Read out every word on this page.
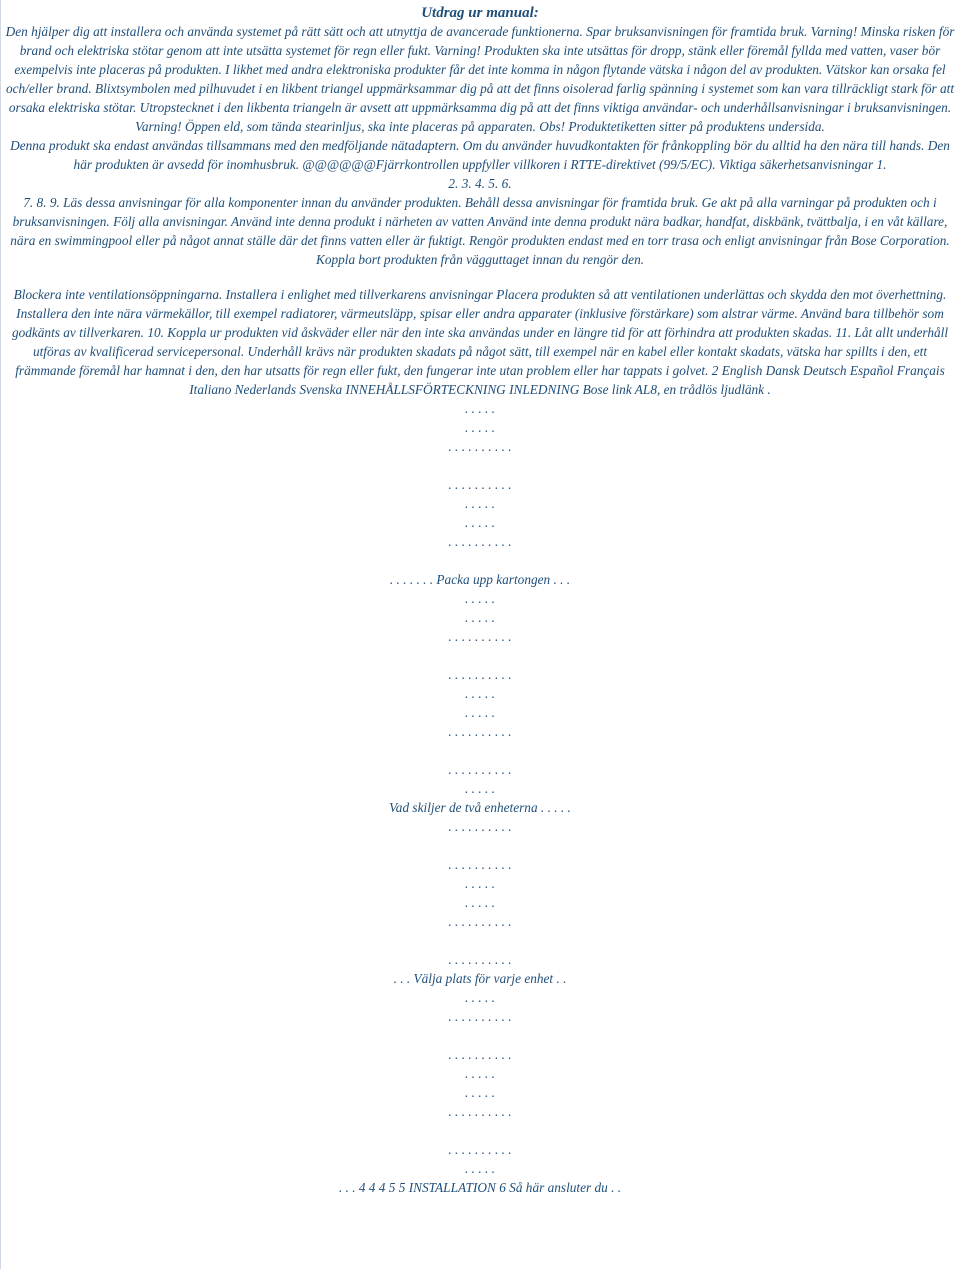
Utdrag ur manual:

Den hjälper dig att installera och använda systemet på rätt sätt och att utnyttja de avancerade funktionerna. Spar bruksanvisningen för framtida bruk. Varning! Minska risken för brand och elektriska stötar genom att inte utsätta systemet för regn eller fukt. Varning! Produkten ska inte utsättas för dropp, stänk eller föremål fyllda med vatten, vaser bör exempelvis inte placeras på produkten. I likhet med andra elektroniska produkter får det inte komma in någon flytande vätska i någon del av produkten. Vätskor kan orsaka fel och/eller brand. Blixtsymbolen med pilhuvudet i en likbent triangel uppmärksammar dig på att det finns oisolerad farlig spänning i systemet som kan vara tillräckligt stark för att orsaka elektriska stötar. Utropstecknet i den likbenta triangeln är avsett att uppmärksamma dig på att det finns viktiga användar- och underhållsanvisningar i bruksanvisningen. Varning! Öppen eld, som tända stearinljus, ska inte placeras på apparaten. Obs! Produktetiketten sitter på produktens undersida.

Denna produkt ska endast användas tillsammans med den medföljande nätadaptern. Om du använder huvudkontakten för frånkoppling bör du alltid ha den nära till hands. Den här produkten är avsedd för inomhusbruk. @@@@@@Fjärrkontrollen uppfyller villkoren i RTTE-direktivet (99/5/EC). Viktiga säkerhetsanvisningar 1.

2. 3. 4. 5. 6.

7. 8. 9. Läs dessa anvisningar för alla komponenter innan du använder produkten. Behåll dessa anvisningar för framtida bruk. Ge akt på alla varningar på produkten och i bruksanvisningen. Följ alla anvisningar. Använd inte denna produkt i närheten av vatten Använd inte denna produkt nära badkar, handfat, diskbänk, tvättbalja, i en våt källare, nära en swimmingpool eller på något annat ställe där det finns vatten eller är fuktigt. Rengör produkten endast med en torr trasa och enligt anvisningar från Bose Corporation. Koppla bort produkten från vägguttaget innan du rengör den.

Blockera inte ventilationsöppningarna. Installera i enlighet med tillverkarens anvisningar Placera produkten så att ventilationen underlättas och skydda den mot överhettning. Installera den inte nära värmekällor, till exempel radiatorer, värmeutsläpp, spisar eller andra apparater (inklusive förstärkare) som alstrar värme. Använd bara tillbehör som godkänts av tillverkaren. 10. Koppla ur produkten vid åskväder eller när den inte ska användas under en längre tid för att förhindra att produkten skadas. 11. Låt allt underhåll utföras av kvalificerad servicepersonal. Underhåll krävs när produkten skadats på något sätt, till exempel när en kabel eller kontakt skadats, vätska har spillts i den, ett främmande föremål har hamnat i den, den har utsatts för regn eller fukt, den fungerar inte utan problem eller har tappats i golvet. 2 English Dansk Deutsch Español Français Italiano Nederlands Svenska INNEHÅLLSFÖRTECKNING INLEDNING Bose link AL8, en trådlös ljudlänk .

. . . . .
. . . . .
. . . . . . . . . .
. . . . . . . . . .
. . . . .
. . . . .
. . . . . . . . . .
. . . . . . . Packa upp kartongen . . .
. . . . .
. . . . .
. . . . . . . . . .
. . . . . . . . . .
. . . . .
. . . . .
. . . . . . . . . .
. . . . . . . . . .
. . . . .
Vad skiljer de två enheterna . . . . .
. . . . . . . . . .
. . . . . . . . . .
. . . . .
. . . . .
. . . . . . . . . .
. . . . . . . . . .
. . . Välja plats för varje enhet . .
. . . . .
. . . . . . . . . .
. . . . . . . . . .
. . . . .
. . . . .
. . . . . . . . . .
. . . . . . . . . .
. . . . .
. . . 4 4 4 5 5 INSTALLATION 6 Så här ansluter du . .
